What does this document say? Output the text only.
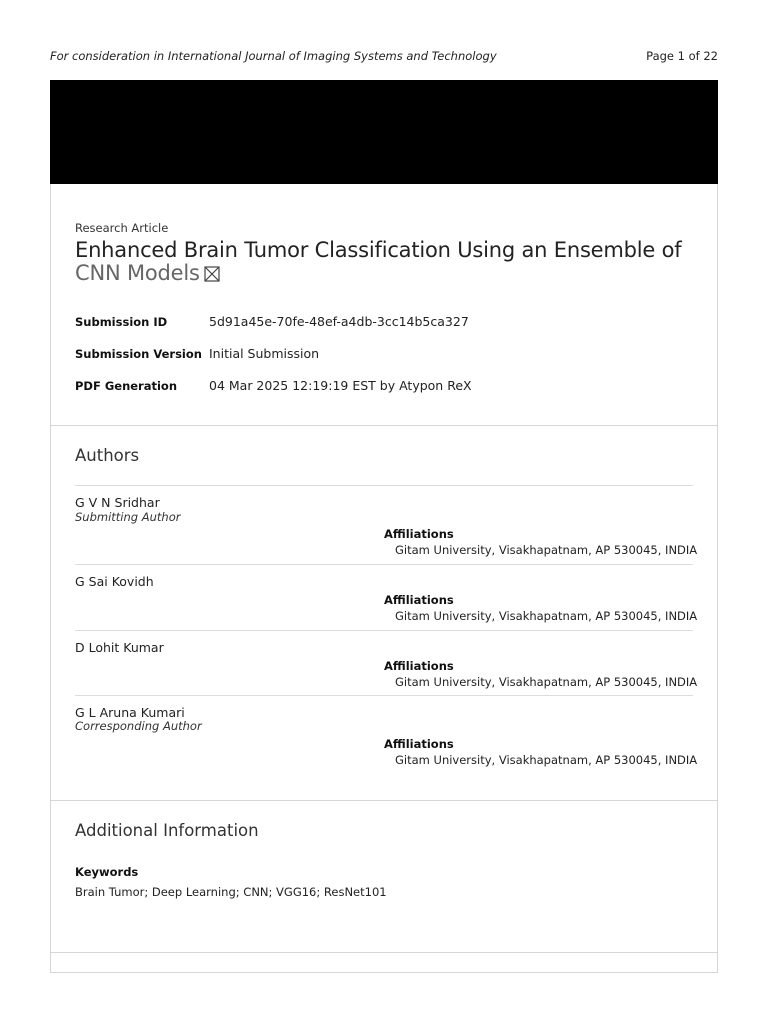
For consideration in International Journal of Imaging Systems and Technology	Page 1 of 22
Research Article
Enhanced Brain Tumor Classification Using an Ensemble of
CNN Models
Submission ID	5d91a45e-70fe-48ef-a4db-3cc14b5ca327
Submission Version Initial Submission
PDF Generation	04 Mar 2025 12:19:19 EST by Atypon ReX
Authors
G V N Sridhar
Submitting Author
Affiliations
Gitam University, Visakhapatnam, AP 530045, INDIA
G Sai Kovidh
Affiliations
Gitam University, Visakhapatnam, AP 530045, INDIA
D Lohit Kumar
Affiliations
Gitam University, Visakhapatnam, AP 530045, INDIA
G L Aruna Kumari
Corresponding Author
Affiliations
Gitam University, Visakhapatnam, AP 530045, INDIA
Additional Information
Keywords
Brain Tumor; Deep Learning; CNN; VGG16; ResNet101
